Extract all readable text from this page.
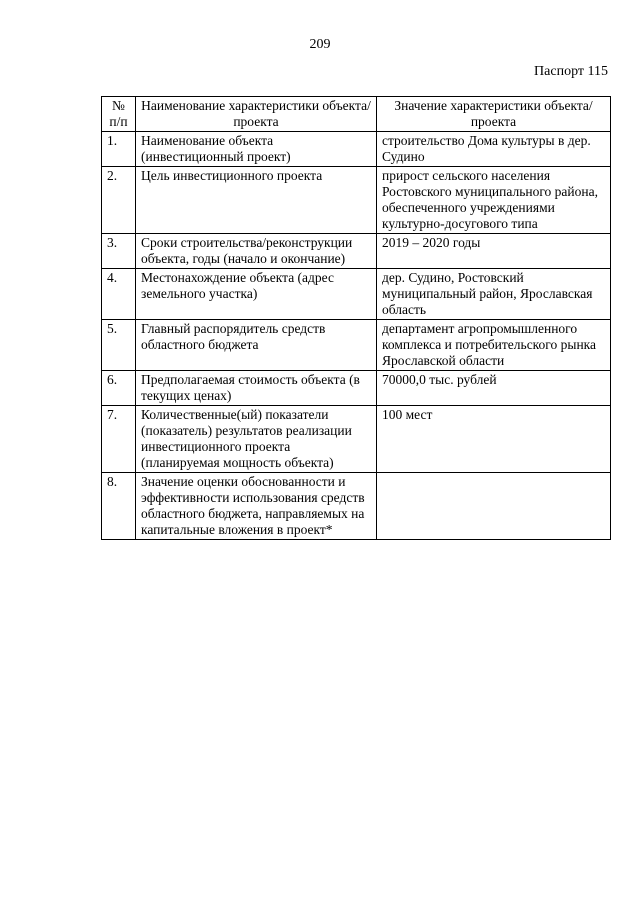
209
Паспорт 115
№
п/п	Наименование характеристики объекта/проекта	Значение характеристики объекта/проекта
1.	Наименование объекта (инвестиционный проект)	строительство Дома культуры в дер. Судино
2.	Цель инвестиционного проекта	прирост сельского населения Ростовского муниципального района, обеспеченного учреждениями культурно-досугового типа
3.	Сроки строительства/реконструкции объекта, годы (начало и окончание)	2019 – 2020 годы
4.	Местонахождение объекта (адрес земельного участка)	дер. Судино, Ростовский муниципальный район, Ярославская область
5.	Главный распорядитель средств областного бюджета	департамент агропромышленного комплекса и потребительского рынка Ярославской области
6.	Предполагаемая стоимость объекта (в текущих ценах)	70000,0 тыс. рублей
7.	Количественные(ый) показатели (показатель) результатов реализации инвестиционного проекта (планируемая мощность объекта)	100 мест
8.	Значение оценки обоснованности и эффективности использования средств областного бюджета, направляемых на капитальные вложения в проект*	
